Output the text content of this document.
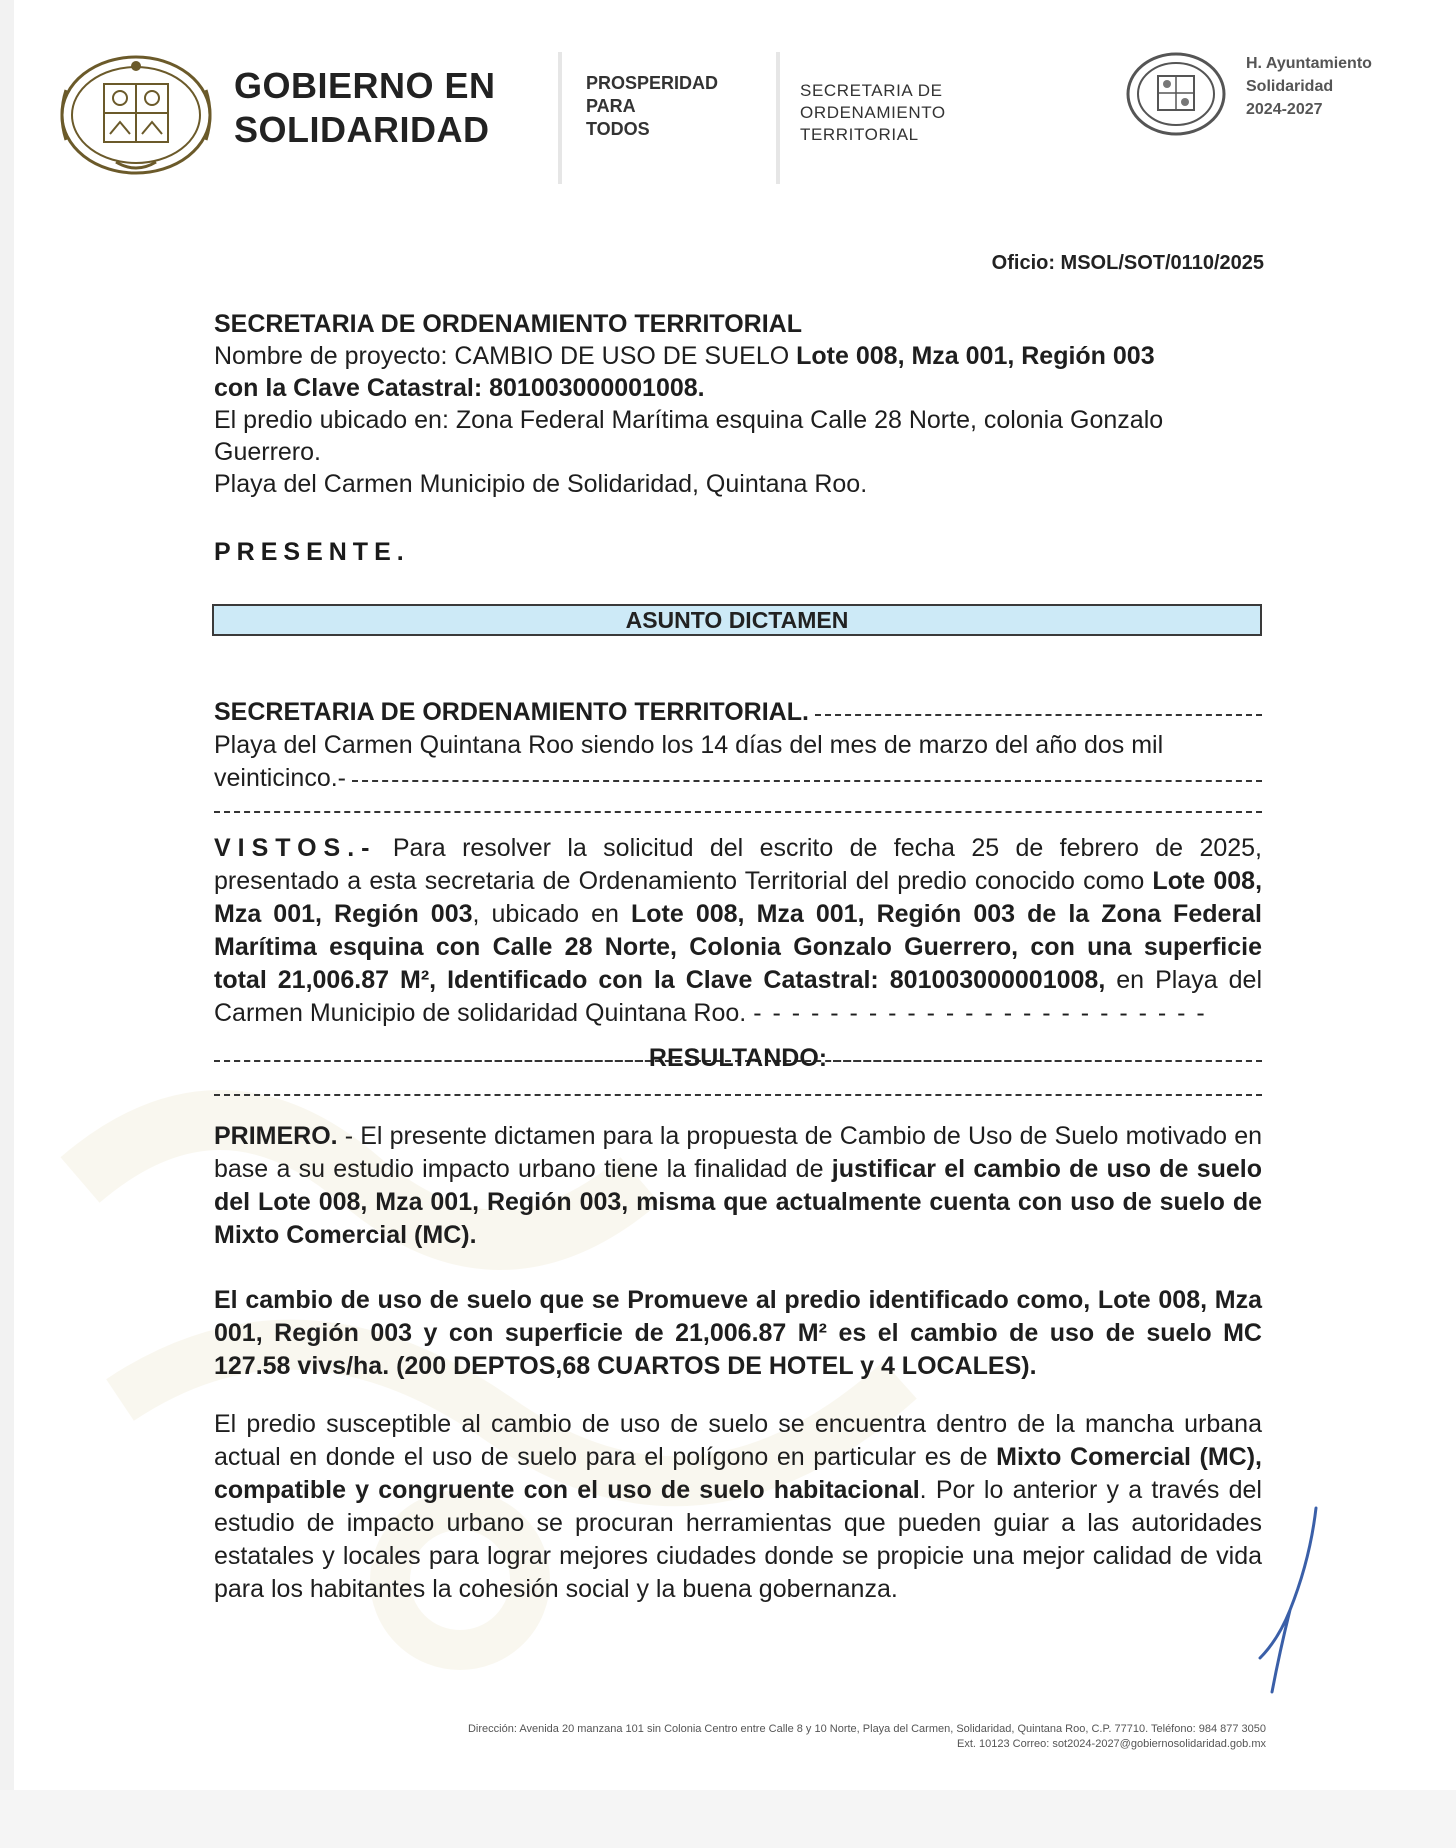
GOBIERNO EN
SOLIDARIDAD
PROSPERIDAD
PARA
TODOS
SECRETARIA DE
ORDENAMIENTO
TERRITORIAL
H. Ayuntamiento
Solidaridad
2024-2027
Oficio: MSOL/SOT/0110/2025
SECRETARIA DE ORDENAMIENTO TERRITORIAL
Nombre de proyecto: CAMBIO DE USO DE SUELO Lote 008, Mza 001, Región 003
con la Clave Catastral: 801003000001008.
El predio ubicado en: Zona Federal Marítima esquina Calle 28 Norte, colonia Gonzalo Guerrero.
Playa del Carmen Municipio de Solidaridad, Quintana Roo.
PRESENTE.
ASUNTO DICTAMEN
SECRETARIA DE ORDENAMIENTO TERRITORIAL.
Playa del Carmen Quintana Roo siendo los 14 días del mes de marzo del año dos mil
veinticinco.-
VISTOS.- Para resolver la solicitud del escrito de fecha 25 de febrero de 2025, presentado a esta secretaria de Ordenamiento Territorial del predio conocido como Lote 008, Mza 001, Región 003, ubicado en Lote 008, Mza 001, Región 003 de la Zona Federal Marítima esquina con Calle 28 Norte, Colonia Gonzalo Guerrero, con una superficie total 21,006.87 M², Identificado con la Clave Catastral: 801003000001008, en Playa del Carmen Municipio de solidaridad Quintana Roo. - - - - - - - - - - - - - - - - - - - - - - - -
RESULTANDO:
PRIMERO. - El presente dictamen para la propuesta de Cambio de Uso de Suelo motivado en base a su estudio impacto urbano tiene la finalidad de justificar el cambio de uso de suelo del Lote 008, Mza 001, Región 003, misma que actualmente cuenta con uso de suelo de Mixto Comercial (MC).
El cambio de uso de suelo que se Promueve al predio identificado como, Lote 008, Mza 001, Región 003 y con superficie de 21,006.87 M² es el cambio de uso de suelo MC 127.58 vivs/ha. (200 DEPTOS,68 CUARTOS DE HOTEL y 4 LOCALES).
El predio susceptible al cambio de uso de suelo se encuentra dentro de la mancha urbana actual en donde el uso de suelo para el polígono en particular es de Mixto Comercial (MC), compatible y congruente con el uso de suelo habitacional. Por lo anterior y a través del estudio de impacto urbano se procuran herramientas que pueden guiar a las autoridades estatales y locales para lograr mejores ciudades donde se propicie una mejor calidad de vida para los habitantes la cohesión social y la buena gobernanza.
Dirección: Avenida 20 manzana 101 sin Colonia Centro entre Calle 8 y 10 Norte, Playa del Carmen, Solidaridad, Quintana Roo, C.P. 77710. Teléfono: 984 877 3050
Ext. 10123 Correo: sot2024-2027@gobiernosolidaridad.gob.mx
